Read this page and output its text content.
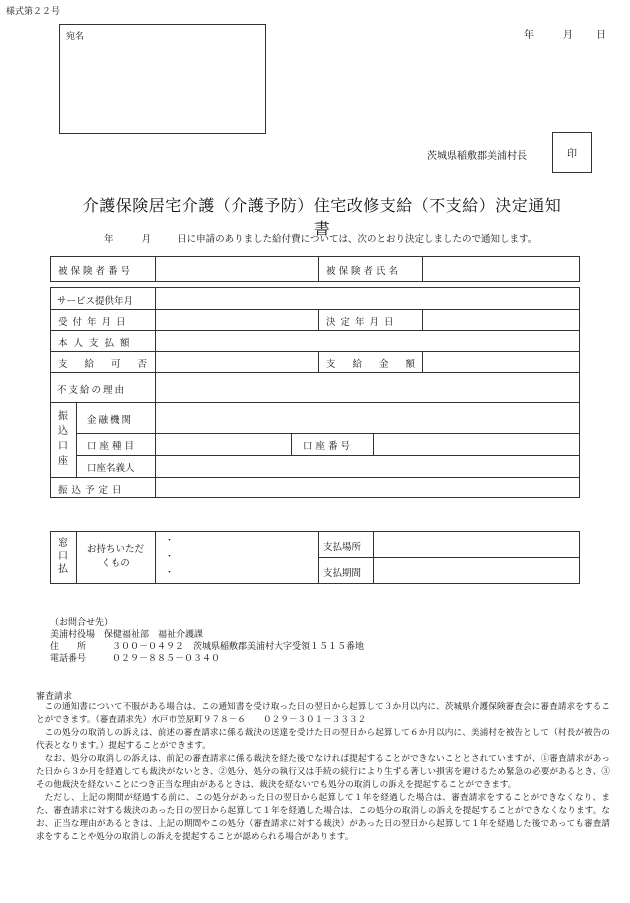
様式第２２号
宛名	年	月 日
茨城県稲敷郡美浦村長	印
介護保険居宅介護（介護予防）住宅改修支給（不支給）決定通知書
年	月	日に申請のありました給付費については、次のとおり決定しましたので通知します。
被保険者番号	被保険者氏名
サービス提供年月
受付年月日	決定年月日
本人支払額
支給可否	支給金額
不支給の理由
振込口座
金融機関
口座種目	口座番号
口座名義人
振込予定日
窓口払
お持ちいただ
くもの
・
・
・
支払場所
支払期間
（お問合せ先）
美浦村役場　保健福祉部　福祉介護課
住　　所	３００－０４９２　茨城県稲敷郡美浦村大字受領１５１５番地
電話番号	０２９－８８５－０３４０
審査請求

この通知書について不服がある場合は、この通知書を受け取った日の翌日から起算して３か月以内に、茨城県介護保険審査会に審査請求をすることができます。（審査請求先）水戸市笠原町９７８－６　　０２９－３０１－３３３２

この処分の取消しの訴えは、前述の審査請求に係る裁決の送達を受けた日の翌日から起算して６か月以内に、美浦村を被告として（村長が被告の代表となります。）提起することができます。

なお、処分の取消しの訴えは、前記の審査請求に係る裁決を経た後でなければ提起することができないこととされていますが、①審査請求があった日から３か月を経過しても裁決がないとき、②処分、処分の執行又は手続の続行により生ずる著しい損害を避けるため緊急の必要があるとき、③その他裁決を経ないことにつき正当な理由があるときは、裁決を経ないでも処分の取消しの訴えを提起することができます。

ただし、上記の期間が経過する前に、この処分があった日の翌日から起算して１年を経過した場合は、審査請求をすることができなくなり、また、審査請求に対する裁決のあった日の翌日から起算して１年を経過した場合は、この処分の取消しの訴えを提起することができなくなります。なお、正当な理由があるときは、上記の期間やこの処分（審査請求に対する裁決）があった日の翌日から起算して１年を経過した後であっても審査請求をすることや処分の取消しの訴えを提起することが認められる場合があります。
